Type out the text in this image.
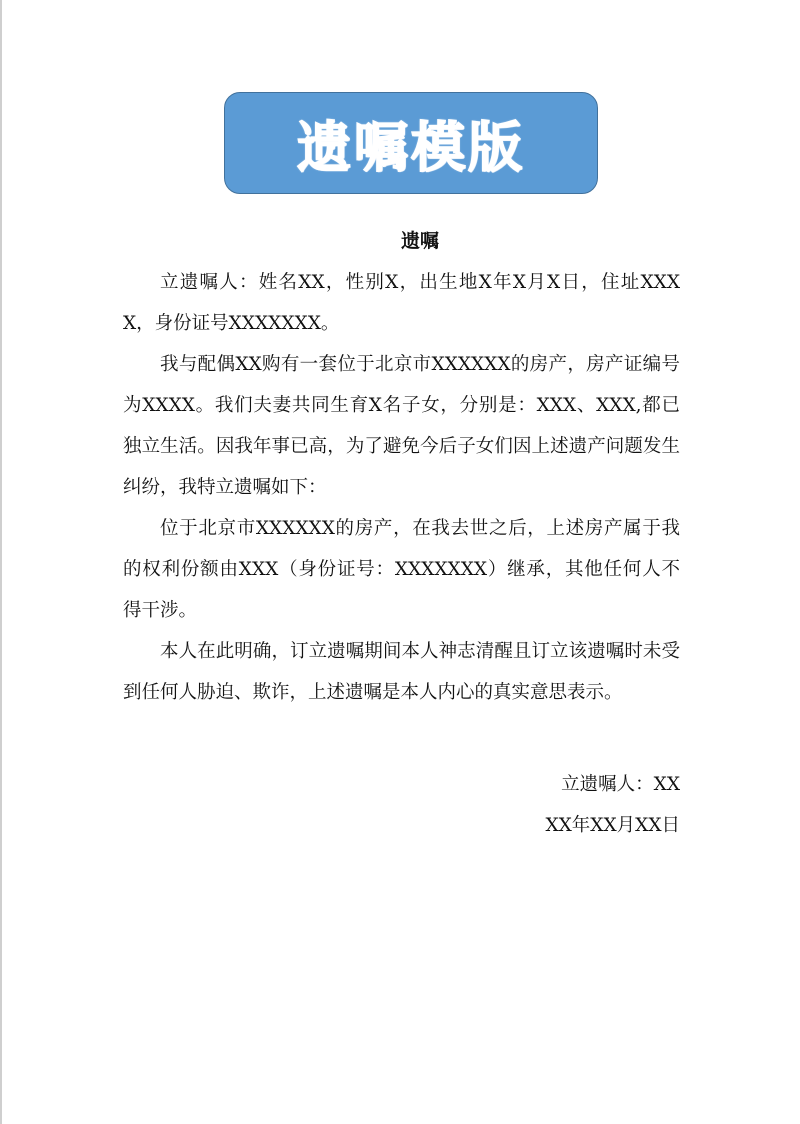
遗嘱模版
遗嘱

立遗嘱人：姓名XX，性别X，出生地X年X月X日，住址XXXX，身份证号XXXXXXX。

我与配偶XX购有一套位于北京市XXXXXX的房产，房产证编号为XXXX。我们夫妻共同生育X名子女，分别是：XXX、XXX,都已独立生活。因我年事已高，为了避免今后子女们因上述遗产问题发生纠纷，我特立遗嘱如下：

位于北京市XXXXXX的房产，在我去世之后，上述房产属于我的权利份额由XXX（身份证号：XXXXXXX）继承，其他任何人不得干涉。

本人在此明确，订立遗嘱期间本人神志清醒且订立该遗嘱时未受到任何人胁迫、欺诈，上述遗嘱是本人内心的真实意思表示。

立遗嘱人：XX
XX年XX月XX日
